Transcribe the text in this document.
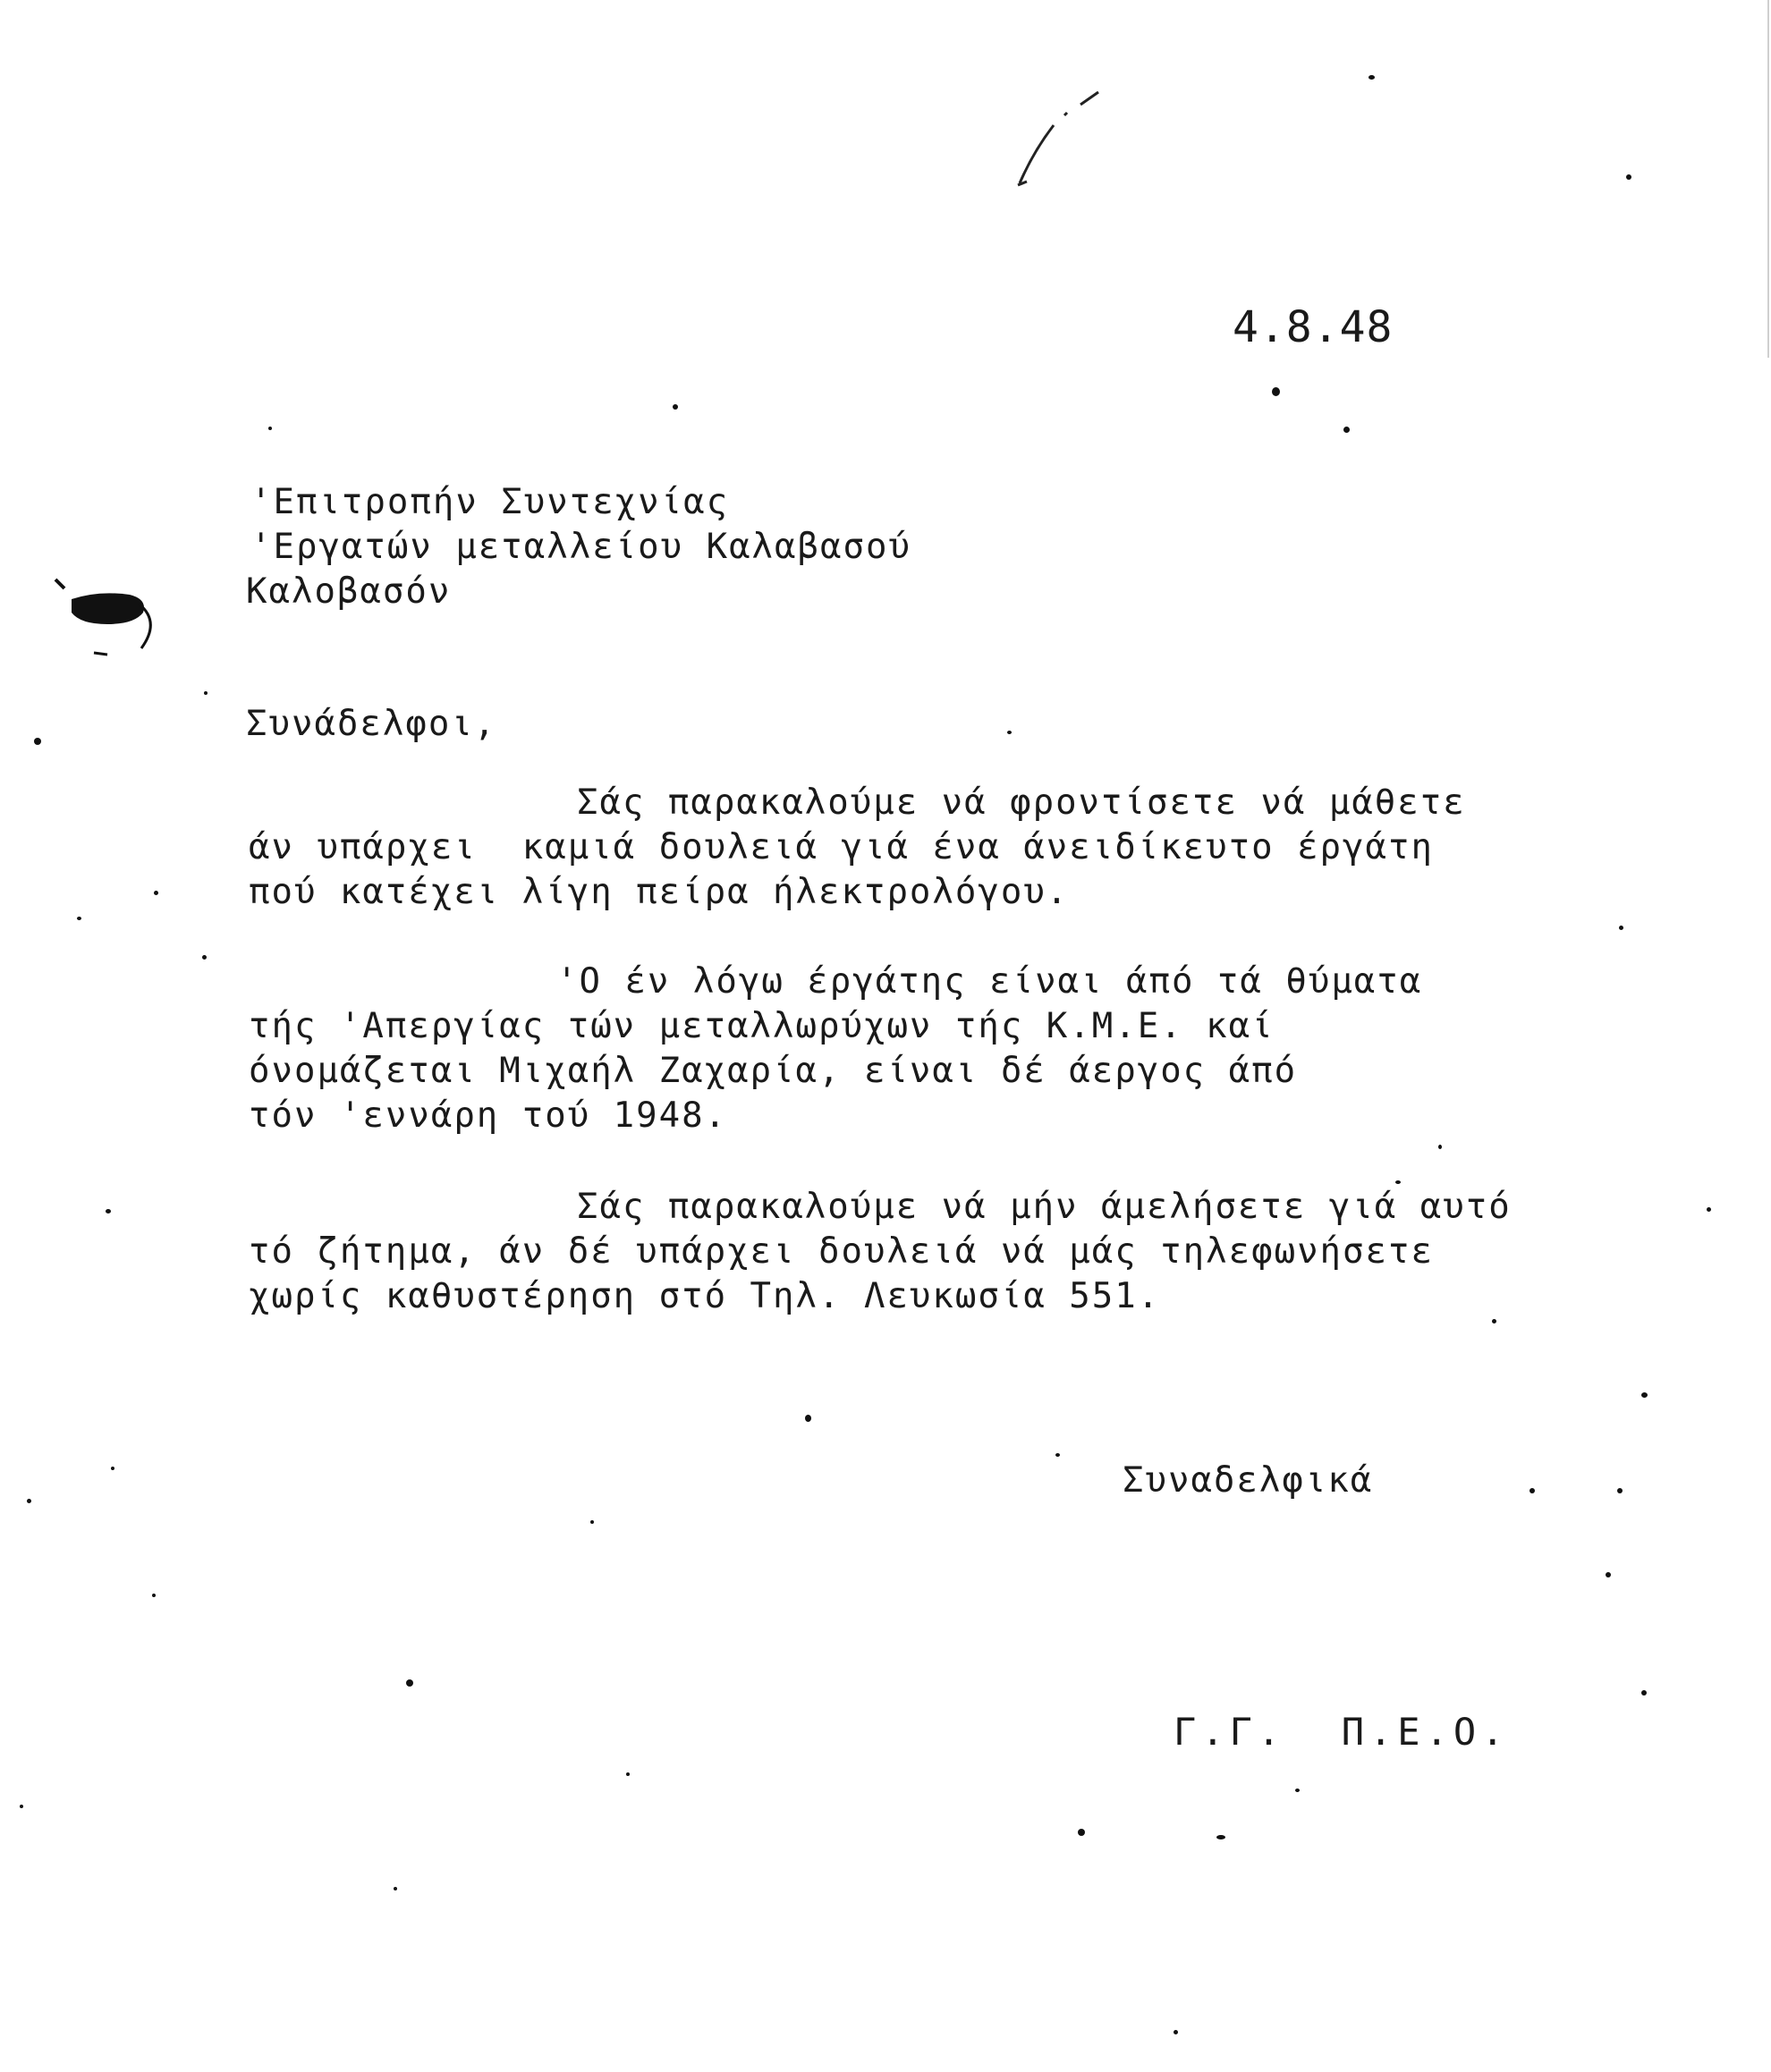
4.8.48
'Επιτροπήν Συντεχνίας
'Εργατών μεταλλείου Καλαβασού
Καλοβασόν
Συνάδελφοι,
Σάς παρακαλούμε νά φροντίσετε νά μάθετε
άν υπάρχει  καμιά δουλειά γιά ένα άνειδίκευτο έργάτη
πού κατέχει λίγη πείρα ήλεκτρολόγου.
'Ο έν λόγω έργάτης είναι άπό τά θύματα
τής 'Απεργίας τών μεταλλωρύχων τής Κ.Μ.Ε. καί
όνομάζεται Μιχαήλ Ζαχαρία, είναι δέ άεργος άπό
τόν 'εννάρη τού 1948.
Σάς παρακαλούμε νά μήν άμελήσετε γιά αυτό
τό ζήτημα, άν δέ υπάρχει δουλειά νά μάς τηλεφωνήσετε
χωρίς καθυστέρηση στό Τηλ. Λευκωσία 551.
Συναδελφικά
Γ.Γ.  Π.Ε.Ο.
